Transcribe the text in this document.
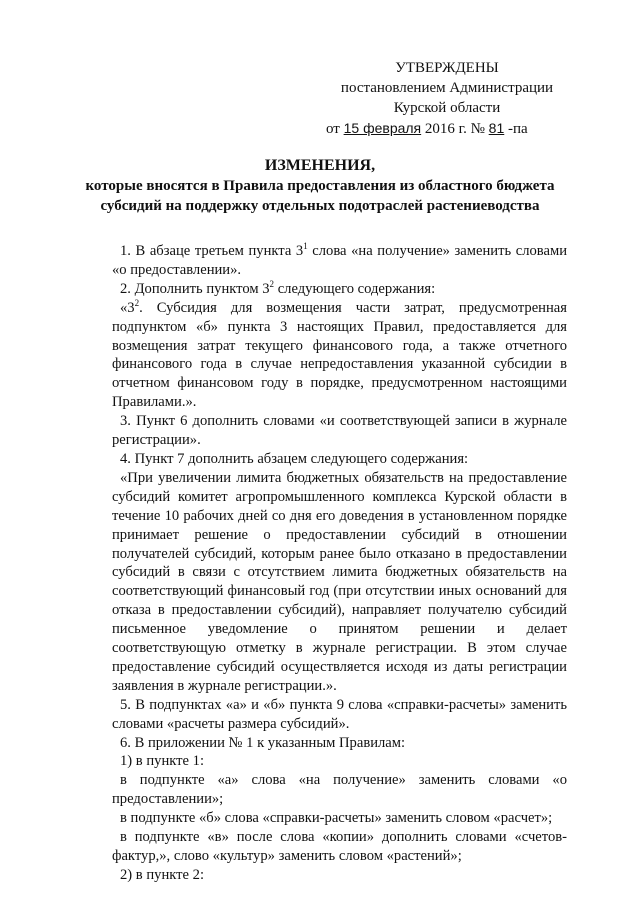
УТВЕРЖДЕНЫ
постановлением Администрации
Курской области
от 15 февраля 2016 г. № 81 -па
ИЗМЕНЕНИЯ,
которые вносятся в Правила предоставления из областного бюджета
субсидий на поддержку отдельных подотраслей растениеводства

1. В абзаце третьем пункта $3^1$ слова «на получение» заменить словами «о предоставлении».

2. Дополнить пунктом $3^2$ следующего содержания:

«$3^2$. Субсидия для возмещения части затрат, предусмотренная подпунктом «б» пункта 3 настоящих Правил, предоставляется для возмещения затрат текущего финансового года, а также отчетного финансового года в случае непредоставления указанной субсидии в отчетном финансовом году в порядке, предусмотренном настоящими Правилами.».

3. Пункт 6 дополнить словами «и соответствующей записи в журнале регистрации».

4. Пункт 7 дополнить абзацем следующего содержания:

«При увеличении лимита бюджетных обязательств на предоставление субсидий комитет агропромышленного комплекса Курской области в течение 10 рабочих дней со дня его доведения в установленном порядке принимает решение о предоставлении субсидий в отношении получателей субсидий, которым ранее было отказано в предоставлении субсидий в связи с отсутствием лимита бюджетных обязательств на соответствующий финансовый год (при отсутствии иных оснований для отказа в предоставлении субсидий), направляет получателю субсидий письменное уведомление о принятом решении и делает соответствующую отметку в журнале регистрации. В этом случае предоставление субсидий осуществляется исходя из даты регистрации заявления в журнале регистрации.».

5. В подпунктах «а» и «б» пункта 9 слова «справки-расчеты» заменить словами «расчеты размера субсидий».

6. В приложении № 1 к указанным Правилам:

1) в пункте 1:

в подпункте «а» слова «на получение» заменить словами «о предоставлении»;

в подпункте «б» слова «справки-расчеты» заменить словом «расчет»;

в подпункте «в» после слова «копии» дополнить словами «счетов-фактур,», слово «культур» заменить словом «растений»;

2) в пункте 2:
